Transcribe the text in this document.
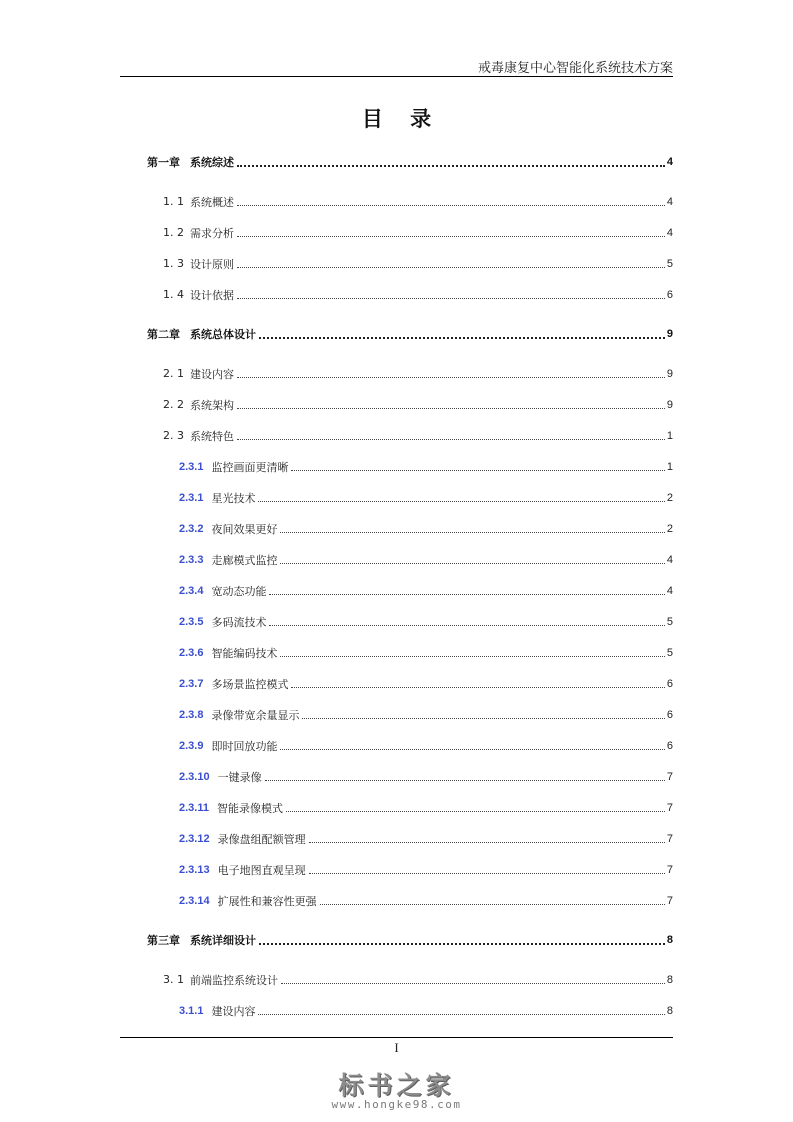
戒毒康复中心智能化系统技术方案
目 录
第一章 系统综述	4
1. 1 系统概述	4
1. 2 需求分析	4
1. 3 设计原则	5
1. 4 设计依据	6
第二章 系统总体设计	9
2. 1 建设内容	9
2. 2 系统架构	9
2. 3 系统特色	1
2.3.1 监控画面更清晰	1
2.3.1 星光技术	2
2.3.2 夜间效果更好	2
2.3.3 走廊模式监控	4
2.3.4 宽动态功能	4
2.3.5 多码流技术	5
2.3.6 智能编码技术	5
2.3.7 多场景监控模式	6
2.3.8 录像带宽余量显示	6
2.3.9 即时回放功能	6
2.3.10 一键录像	7
2.3.11 智能录像模式	7
2.3.12 录像盘组配额管理	7
2.3.13 电子地图直观呈现	7
2.3.14 扩展性和兼容性更强	7
第三章 系统详细设计	8
3. 1 前端监控系统设计	8
3.1.1 建设内容	8
I
标书之家
www.hongke98.com
